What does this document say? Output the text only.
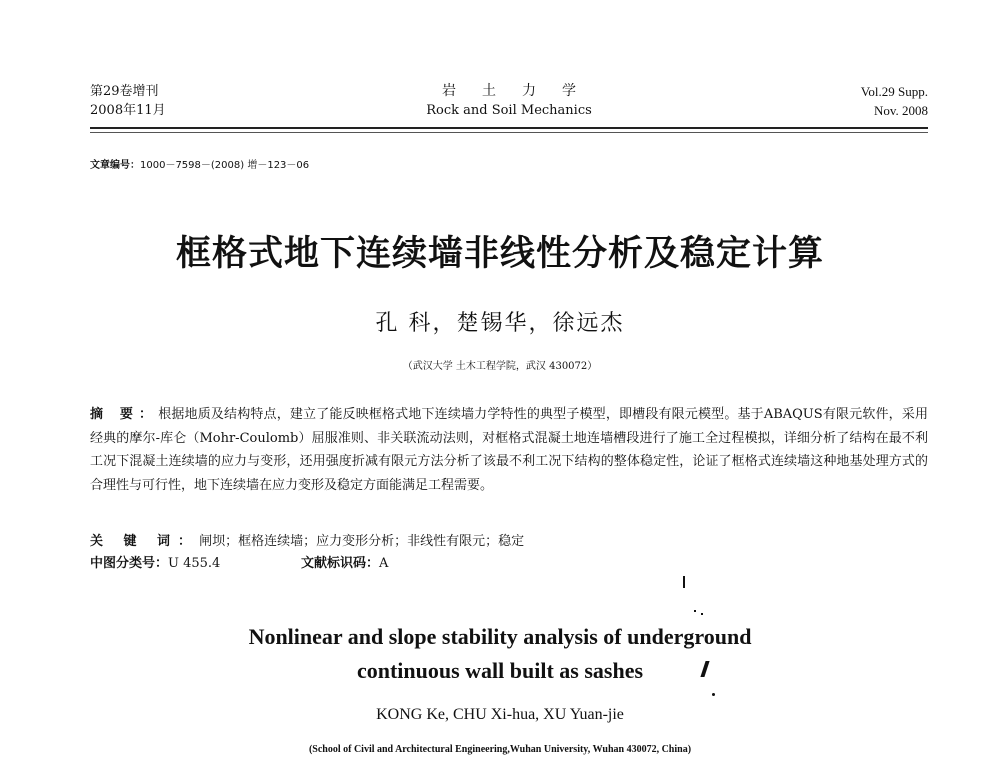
第29卷增刊
2008年11月
岩土力学
Rock and Soil Mechanics
Vol.29 Supp.
Nov. 2008
文章编号：1000－7598－(2008) 增－123－06
框格式地下连续墙非线性分析及稳定计算
孔 科，楚锡华，徐远杰
（武汉大学 土木工程学院，武汉 430072）
摘 要：根据地质及结构特点，建立了能反映框格式地下连续墙力学特性的典型子模型，即槽段有限元模型。基于ABAQUS有限元软件，采用经典的摩尔-库仑（Mohr-Coulomb）屈服准则、非关联流动法则，对框格式混凝土地连墙槽段进行了施工全过程模拟，详细分析了结构在最不利工况下混凝土连续墙的应力与变形，还用强度折减有限元方法分析了该最不利工况下结构的整体稳定性，论证了框格式连续墙这种地基处理方式的合理性与可行性，地下连续墙在应力变形及稳定方面能满足工程需要。
关 键 词：闸坝；框格连续墙；应力变形分析；非线性有限元；稳定
中图分类号：U 455.4	文献标识码：A
Nonlinear and slope stability analysis of underground
continuous wall built as sashes
KONG Ke, CHU Xi-hua, XU Yuan-jie
(School of Civil and Architectural Engineering,Wuhan University, Wuhan 430072, China)
